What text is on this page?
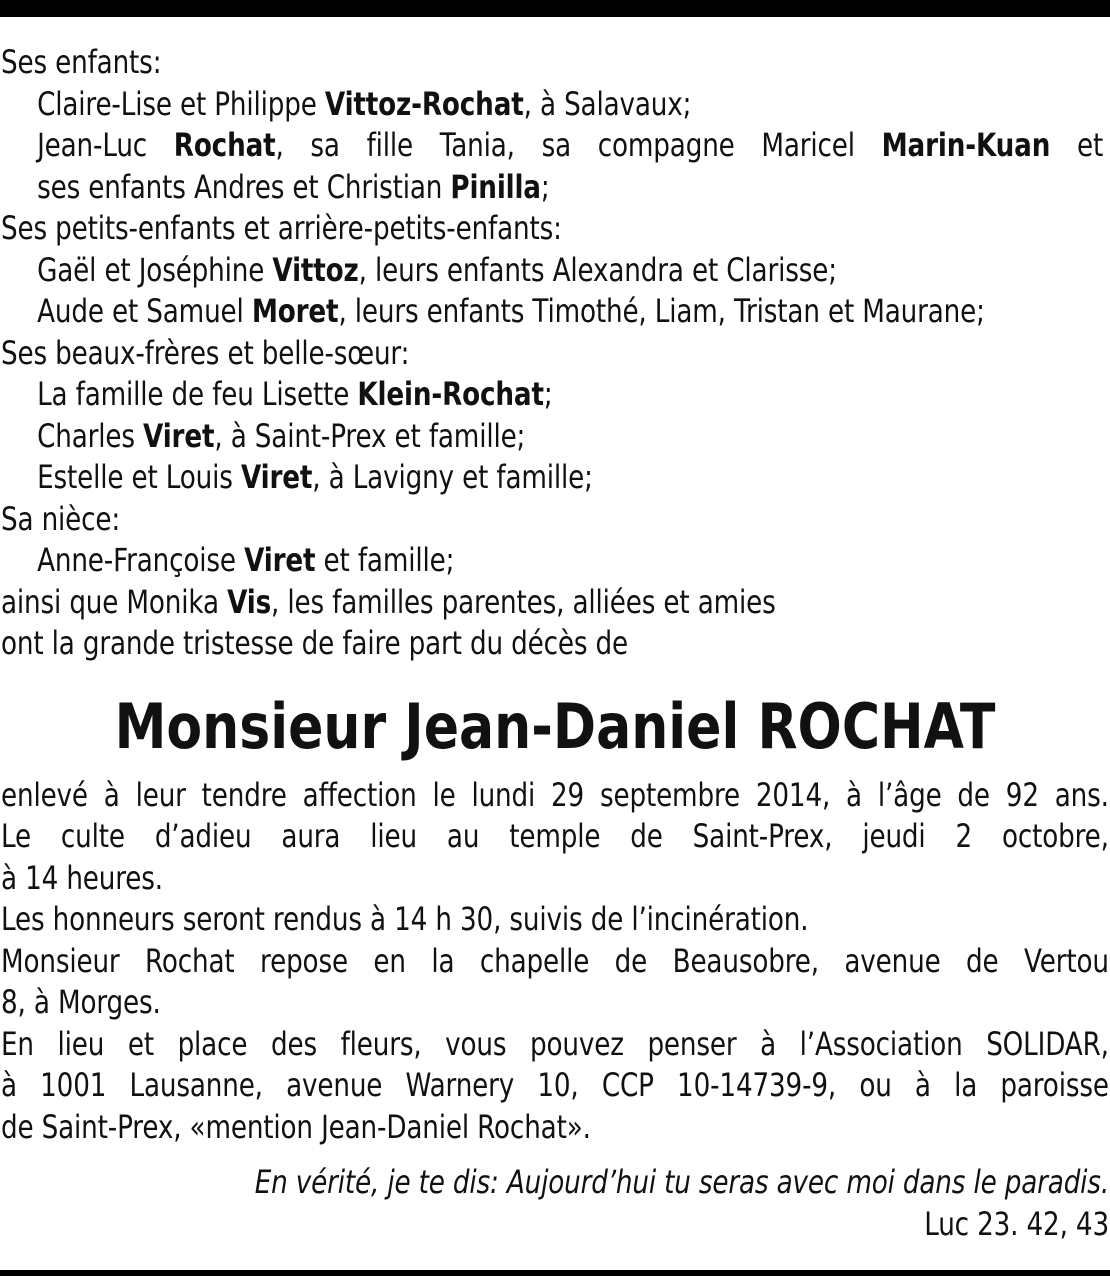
Ses enfants:
Claire-Lise et Philippe Vittoz-Rochat, à Salavaux;
Jean-Luc Rochat, sa fille Tania, sa compagne Maricel Marin-Kuan et
ses enfants Andres et Christian Pinilla;
Ses petits-enfants et arrière-petits-enfants:
Gaël et Joséphine Vittoz, leurs enfants Alexandra et Clarisse;
Aude et Samuel Moret, leurs enfants Timothé, Liam, Tristan et Maurane;
Ses beaux-frères et belle-sœur:
La famille de feu Lisette Klein-Rochat;
Charles Viret, à Saint-Prex et famille;
Estelle et Louis Viret, à Lavigny et famille;
Sa nièce:
Anne-Françoise Viret et famille;
ainsi que Monika Vis, les familles parentes, alliées et amies
ont la grande tristesse de faire part du décès de
Monsieur Jean-Daniel ROCHAT
enlevé à leur tendre affection le lundi 29 septembre 2014, à l’âge de 92 ans.
Le culte d’adieu aura lieu au temple de Saint-Prex, jeudi 2 octobre,
à 14 heures.
Les honneurs seront rendus à 14 h 30, suivis de l’incinération.
Monsieur Rochat repose en la chapelle de Beausobre, avenue de Vertou
8, à Morges.
En lieu et place des fleurs, vous pouvez penser à l’Association SOLIDAR,
à 1001 Lausanne, avenue Warnery 10, CCP 10-14739-9, ou à la paroisse
de Saint-Prex, «mention Jean-Daniel Rochat».
En vérité, je te dis: Aujourd’hui tu seras avec moi dans le paradis.
Luc 23. 42, 43
